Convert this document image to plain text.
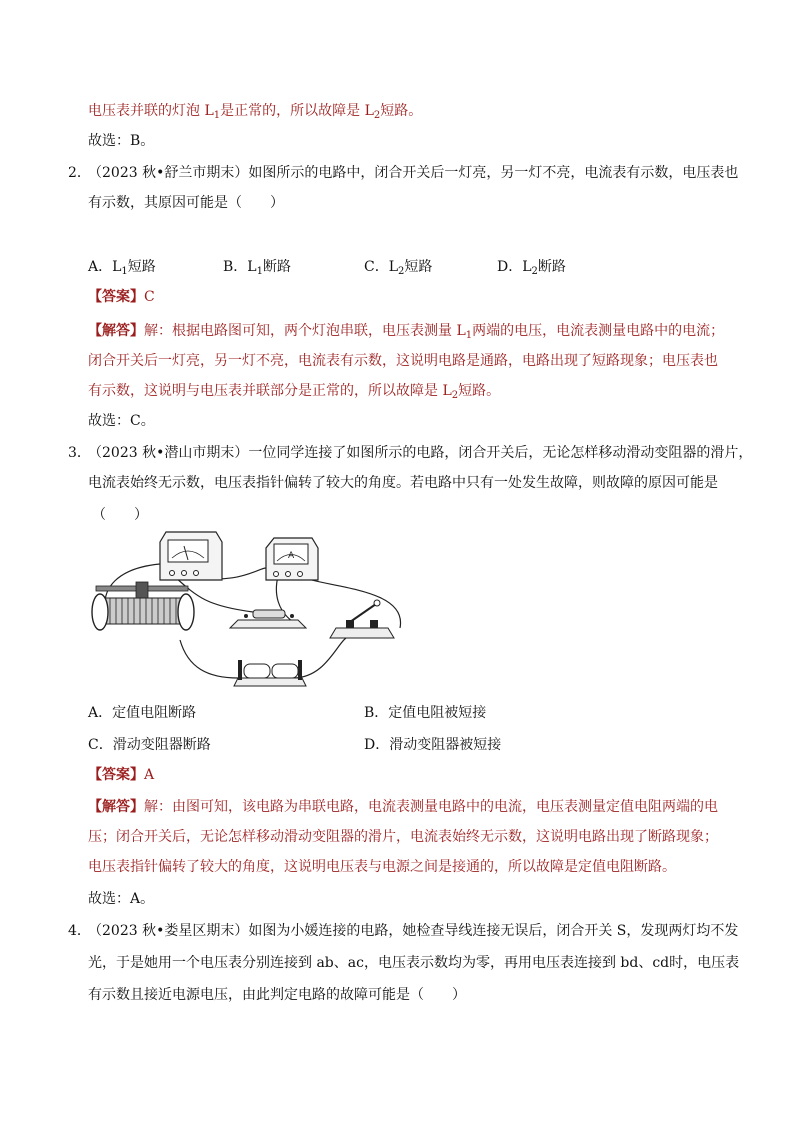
电压表并联的灯泡 $L_1$是正常的，所以故障是 $L_2$短路。
故选：B。
2．
（2023 秋•舒兰市期末）如图所示的电路中，闭合开关后一灯亮，另一灯不亮，电流表有示数，电压表也
有示数，其原因可能是（　　）
A．$L_1$短路	B．$L_1$断路	C．$L_2$短路	D．$L_2$断路
【答案】C
【解答】解：根据电路图可知，两个灯泡串联，电压表测量 $L_1$两端的电压，电流表测量电路中的电流；
闭合开关后一灯亮，另一灯不亮，电流表有示数，这说明电路是通路，电路出现了短路现象；电压表也
有示数，这说明与电压表并联部分是正常的，所以故障是 $L_2$短路。
故选：C。
3．
（2023 秋•潜山市期末）一位同学连接了如图所示的电路，闭合开关后，无论怎样移动滑动变阻器的滑片，
电流表始终无示数，电压表指针偏转了较大的角度。若电路中只有一处发生故障，则故障的原因可能是
（　　）
A
A．定值电阻断路	B．定值电阻被短接
C．滑动变阻器断路	D．滑动变阻器被短接
【答案】A
【解答】解：由图可知，该电路为串联电路，电流表测量电路中的电流，电压表测量定值电阻两端的电
压；闭合开关后，无论怎样移动滑动变阻器的滑片，电流表始终无示数，这说明电路出现了断路现象；
电压表指针偏转了较大的角度，这说明电压表与电源之间是接通的，所以故障是定值电阻断路。
故选：A。
4．
（2023 秋•娄星区期末）如图为小媛连接的电路，她检查导线连接无误后，闭合开关 S，发现两灯均不发
光，于是她用一个电压表分别连接到 ab、ac，电压表示数均为零，再用电压表连接到 bd、cd时，电压表
有示数且接近电源电压，由此判定电路的故障可能是（　　）
